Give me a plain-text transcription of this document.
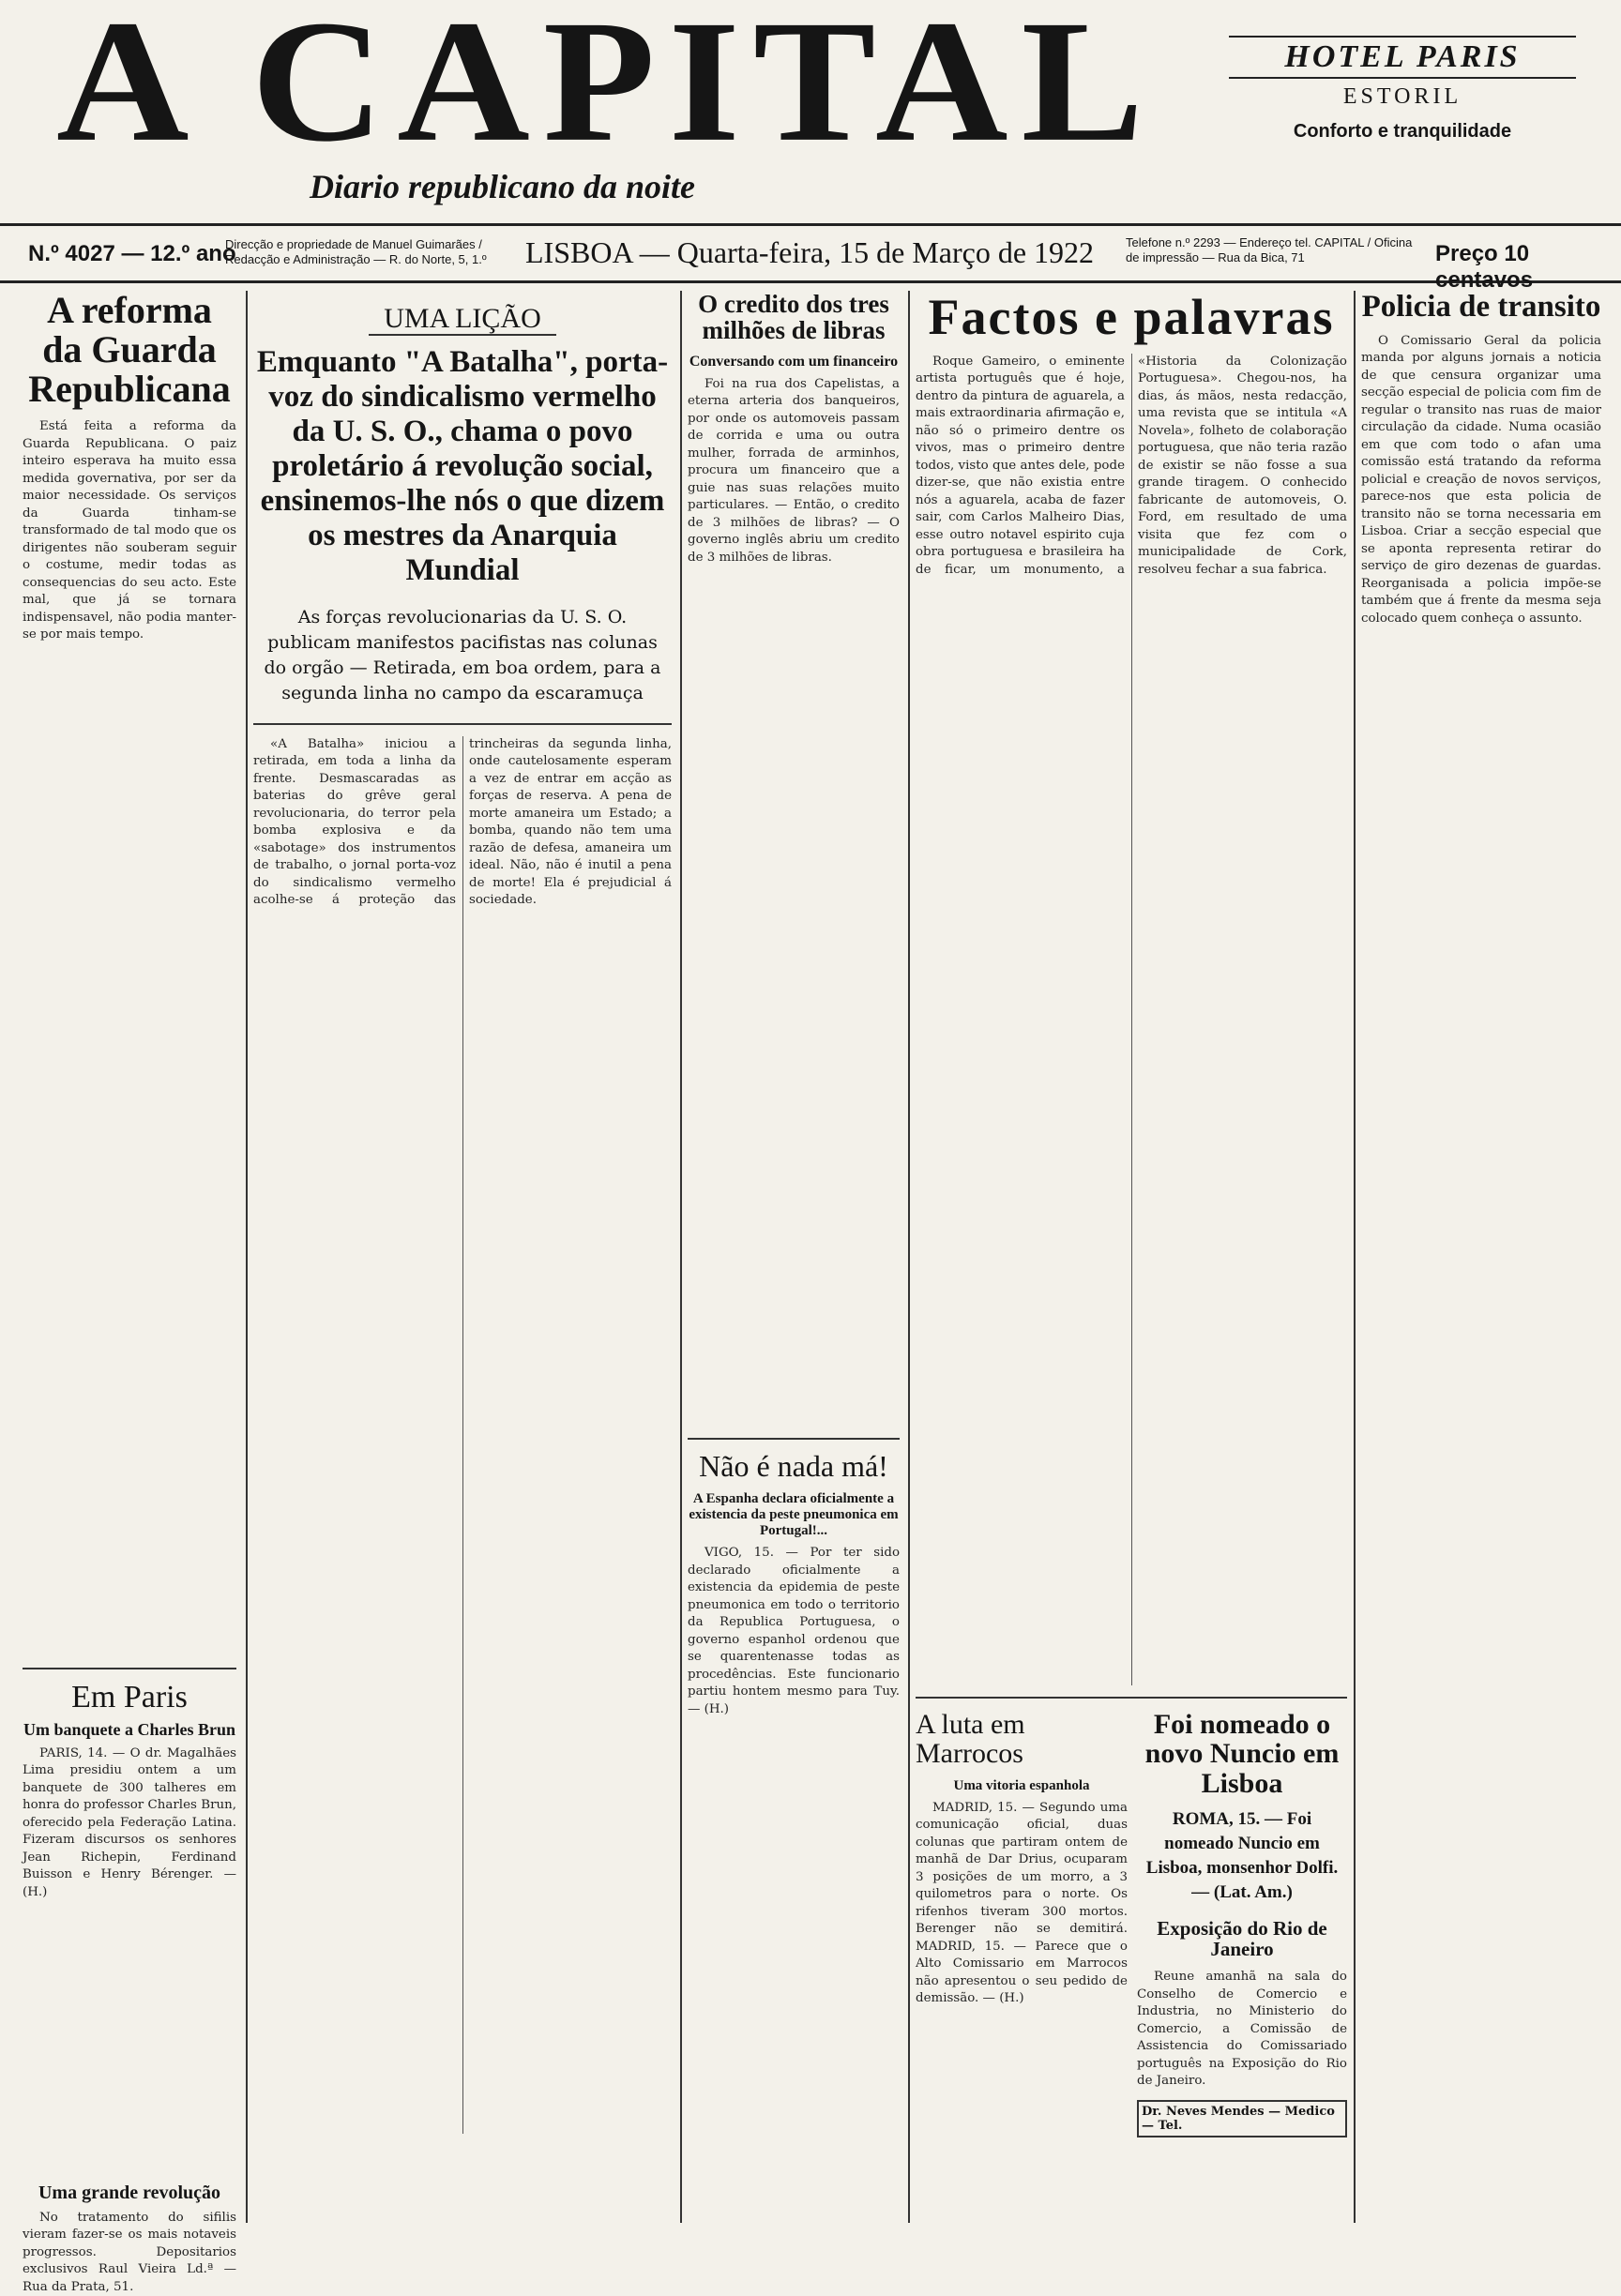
A CAPITAL
Diario republicano da noite
HOTEL PARIS
ESTORIL
Conforto e tranquilidade
N.º 4027 — 12.º ano
Direcção e propriedade de Manuel Guimarães / Redacção e Administração — R. do Norte, 5, 1.º	LISBOA — Quarta-feira, 15 de Março de 1922	Telefone n.º 2293 — Endereço tel. CAPITAL / Oficina de impressão — Rua da Bica, 71	Preço 10 centavos
A reforma da Guarda Republicana

Está feita a reforma da Guarda Republicana. O paiz inteiro esperava ha muito essa medida governativa, por ser da maior necessidade. Os serviços da Guarda tinham-se transformado de tal modo que os dirigentes não souberam seguir o costume, medir todas as consequencias do seu acto. Este mal, que já se tornara indispensavel, não podia manter-se por mais tempo.

Em Paris
Um banquete a Charles Brun

PARIS, 14. — O dr. Magalhães Lima presidiu ontem a um banquete de 300 talheres em honra do professor Charles Brun, oferecido pela Federação Latina. Fizeram discursos os senhores Jean Richepin, Ferdinand Buisson e Henry Bérenger. — (H.)

Uma grande revolução

No tratamento do sifilis vieram fazer-se os mais notaveis progressos. Depositarios exclusivos Raul Vieira Ld.ª — Rua da Prata, 51.

UMA LIÇÃO
Emquanto "A Batalha", porta-voz do sindicalismo vermelho da U. S. O., chama o povo proletário á revolução social, ensinemos-lhe nós o que dizem os mestres da Anarquia Mundial
As forças revolucionarias da U. S. O. publicam manifestos pacifistas nas colunas do orgão — Retirada, em boa ordem, para a segunda linha no campo da escaramuça

«A Batalha» iniciou a retirada, em toda a linha da frente. Desmascaradas as baterias do grêve geral revolucionaria, do terror pela bomba explosiva e da «sabotage» dos instrumentos de trabalho, o jornal porta-voz do sindicalismo vermelho acolhe-se á proteção das trincheiras da segunda linha, onde cautelosamente esperam a vez de entrar em acção as forças de reserva. A pena de morte amaneira um Estado; a bomba, quando não tem uma razão de defesa, amaneira um ideal. Não, não é inutil a pena de morte! Ela é prejudicial á sociedade.

O credito dos tres milhões de libras
Conversando com um financeiro

Foi na rua dos Capelistas, a eterna arteria dos banqueiros, por onde os automoveis passam de corrida e uma ou outra mulher, forrada de arminhos, procura um financeiro que a guie nas suas relações muito particulares. — Então, o credito de 3 milhões de libras? — O governo inglês abriu um credito de 3 milhões de libras.

Não é nada má!
A Espanha declara oficialmente a existencia da peste pneumonica em Portugal!...

VIGO, 15. — Por ter sido declarado oficialmente a existencia da epidemia de peste pneumonica em todo o territorio da Republica Portuguesa, o governo espanhol ordenou que se quarentenasse todas as procedências. Este funcionario partiu hontem mesmo para Tuy. — (H.)

Factos e palavras

Roque Gameiro, o eminente artista português que é hoje, dentro da pintura de aguarela, a mais extraordinaria afirmação e, não só o primeiro dentre os vivos, mas o primeiro dentre todos, visto que antes dele, pode dizer-se, que não existia entre nós a aguarela, acaba de fazer sair, com Carlos Malheiro Dias, esse outro notavel espirito cuja obra portuguesa e brasileira ha de ficar, um monumento, a «Historia da Colonização Portuguesa». Chegou-nos, ha dias, ás mãos, nesta redacção, uma revista que se intitula «A Novela», folheto de colaboração portuguesa, que não teria razão de existir se não fosse a sua grande tiragem. O conhecido fabricante de automoveis, O. Ford, em resultado de uma visita que fez com o municipalidade de Cork, resolveu fechar a sua fabrica.

A luta em Marrocos
Uma vitoria espanhola

MADRID, 15. — Segundo uma comunicação oficial, duas colunas que partiram ontem de manhã de Dar Drius, ocuparam 3 posições de um morro, a 3 quilometros para o norte. Os rifenhos tiveram 300 mortos. Berenger não se demitirá. MADRID, 15. — Parece que o Alto Comissario em Marrocos não apresentou o seu pedido de demissão. — (H.)

Foi nomeado o novo Nuncio em Lisboa
ROMA, 15. — Foi nomeado Nuncio em Lisboa, monsenhor Dolfi. — (Lat. Am.)
Exposição do Rio de Janeiro

Reune amanhã na sala do Conselho de Comercio e Industria, no Ministerio do Comercio, a Comissão de Assistencia do Comissariado português na Exposição do Rio de Janeiro.

Dr. Neves Mendes — Medico — Tel.
Policia de transito

O Comissario Geral da policia manda por alguns jornais a noticia de que censura organizar uma secção especial de policia com fim de regular o transito nas ruas de maior circulação da cidade. Numa ocasião em que com todo o afan uma comissão está tratando da reforma policial e creação de novos serviços, parece-nos que esta policia de transito não se torna necessaria em Lisboa. Criar a secção especial que se aponta representa retirar do serviço de giro dezenas de guardas. Reorganisada a policia impõe-se também que á frente da mesma seja colocado quem conheça o assunto.
